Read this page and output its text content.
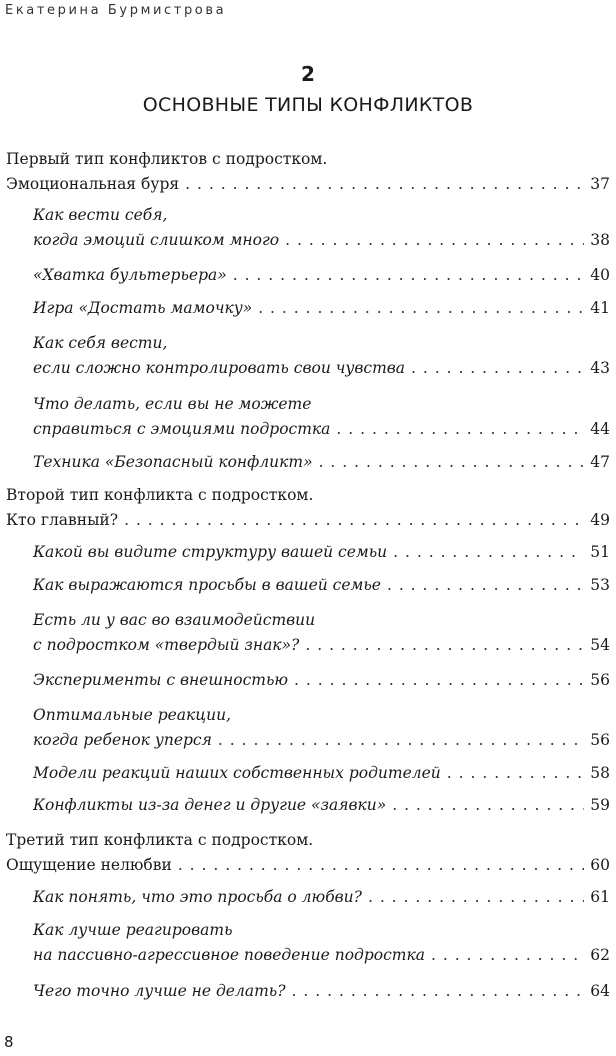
Екатерина Бурмистрова
2
ОСНОВНЫЕ ТИПЫ КОНФЛИКТОВ
Первый тип конфликтов с подростком.
Эмоциональная буря . . .	37
Как вести себя,
когда эмоций слишком много . . .	38
«Хватка бультерьера» . . .	40
Игра «Достать мамочку» . . .	41
Как себя вести,
если сложно контролировать свои чувства . . .	43
Что делать, если вы не можете
справиться с эмоциями подростка . . .	44
Техника «Безопасный конфликт» . . .	47
Второй тип конфликта с подростком.
Кто главный? . . .	49
Какой вы видите структуру вашей семьи . . .	51
Как выражаются просьбы в вашей семье . . .	53
Есть ли у вас во взаимодействии
с подростком «твердый знак»? . . .	54
Эксперименты с внешностью . . .	56
Оптимальные реакции,
когда ребенок уперся . . .	56
Модели реакций наших собственных родителей . . .	58
Конфликты из-за денег и другие «заявки» . . .	59
Третий тип конфликта с подростком.
Ощущение нелюбви . . .	60
Как понять, что это просьба о любви? . . .	61
Как лучше реагировать
на пассивно-агрессивное поведение подростка . . .	62
Чего точно лучше не делать? . . .	64
8
